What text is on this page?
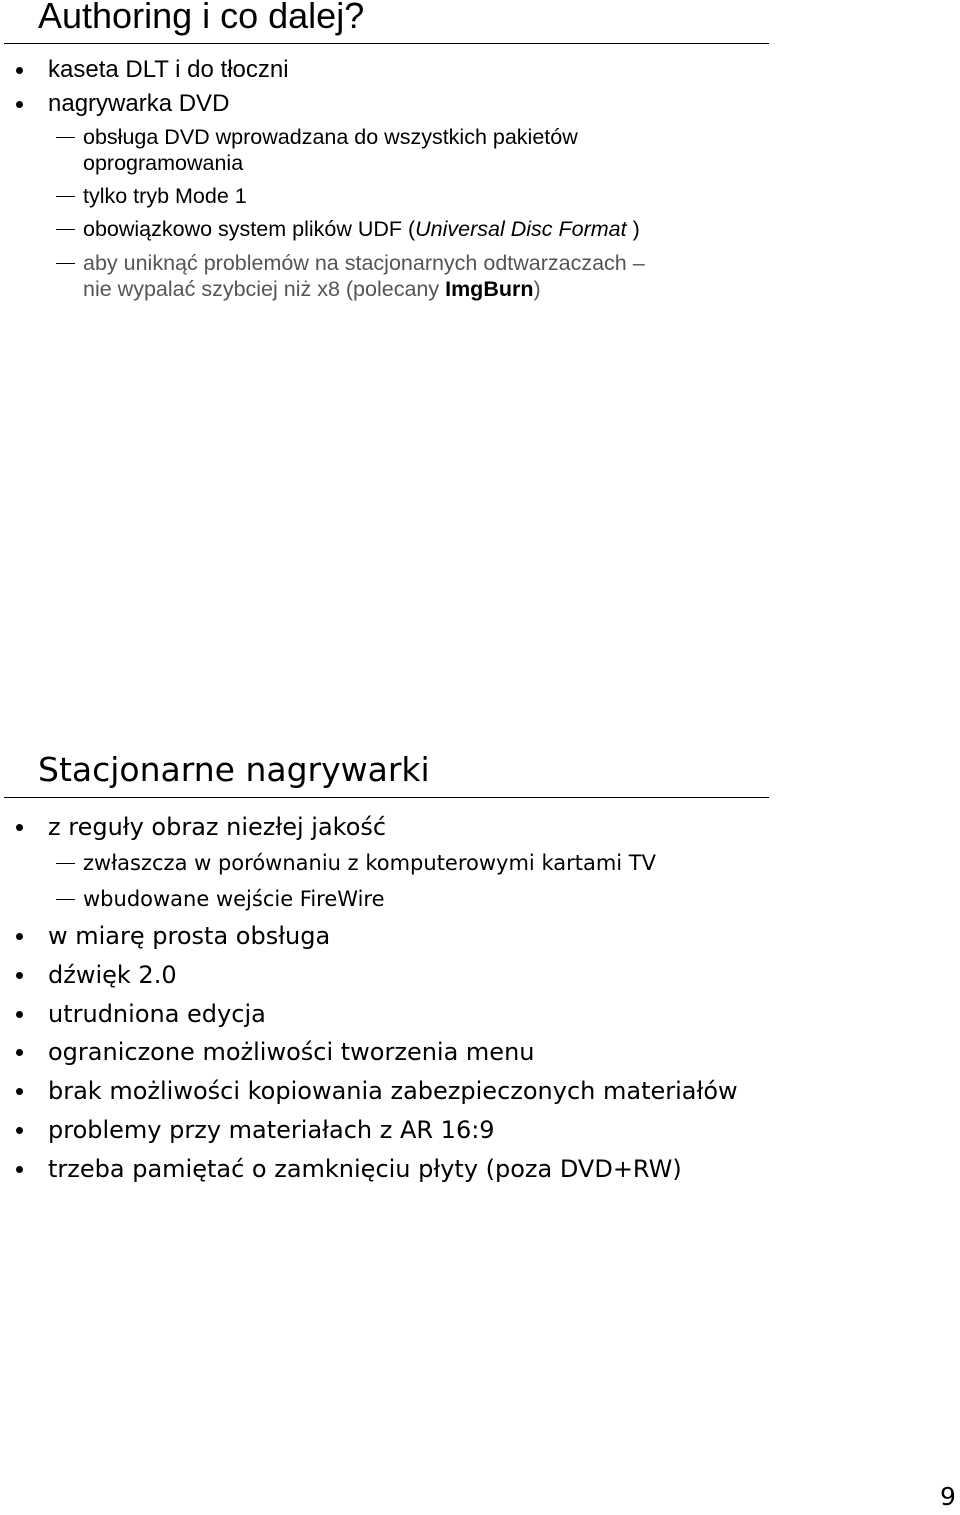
Authoring i co dalej?
kaseta DLT i do tłoczni
nagrywarka DVD
obsługa DVD wprowadzana do wszystkich pakietów
oprogramowania
tylko tryb Mode 1
obowiązkowo system plików UDF (Universal Disc Format )
aby uniknąć problemów na stacjonarnych odtwarzaczach –
nie wypalać szybciej niż x8 (polecany ImgBurn)
Stacjonarne nagrywarki
z reguły obraz niezłej jakość
zwłaszcza w porównaniu z komputerowymi kartami TV
wbudowane wejście FireWire
w miarę prosta obsługa
dźwięk 2.0
utrudniona edycja
ograniczone możliwości tworzenia menu
brak możliwości kopiowania zabezpieczonych materiałów
problemy przy materiałach z AR 16:9
trzeba pamiętać o zamknięciu płyty (poza DVD+RW)
9
